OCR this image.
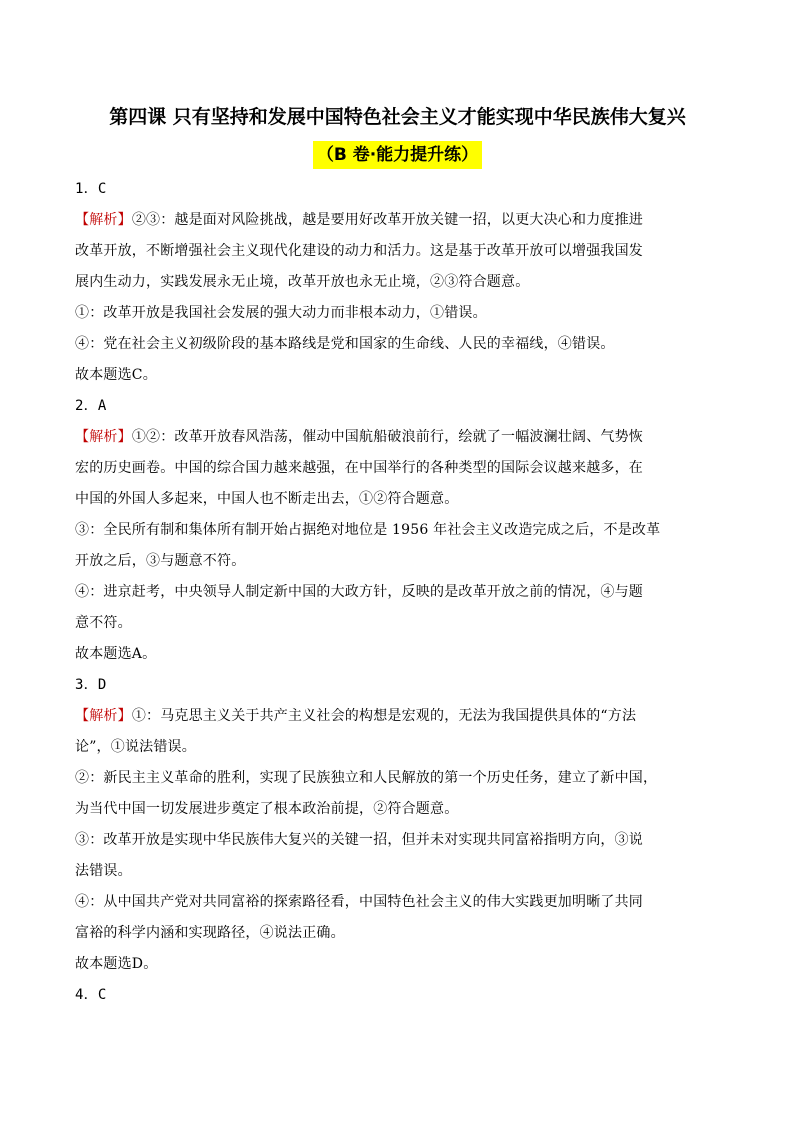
第四课 只有坚持和发展中国特色社会主义才能实现中华民族伟大复兴
（B 卷·能力提升练）

1．C

【解析】②③：越是面对风险挑战，越是要用好改革开放关键一招，以更大决心和力度推进

改革开放，不断增强社会主义现代化建设的动力和活力。这是基于改革开放可以增强我国发

展内生动力，实践发展永无止境，改革开放也永无止境，②③符合题意。

①：改革开放是我国社会发展的强大动力而非根本动力，①错误。

④：党在社会主义初级阶段的基本路线是党和国家的生命线、人民的幸福线，④错误。

故本题选C。

2．A

【解析】①②：改革开放春风浩荡，催动中国航船破浪前行，绘就了一幅波澜壮阔、气势恢

宏的历史画卷。中国的综合国力越来越强，在中国举行的各种类型的国际会议越来越多，在

中国的外国人多起来，中国人也不断走出去，①②符合题意。

③：全民所有制和集体所有制开始占据绝对地位是 1956 年社会主义改造完成之后，不是改革

开放之后，③与题意不符。

④：进京赶考，中央领导人制定新中国的大政方针，反映的是改革开放之前的情况，④与题

意不符。

故本题选A。

3．D

【解析】①：马克思主义关于共产主义社会的构想是宏观的，无法为我国提供具体的“方法

论”，①说法错误。

②：新民主主义革命的胜利，实现了民族独立和人民解放的第一个历史任务，建立了新中国，

为当代中国一切发展进步奠定了根本政治前提，②符合题意。

③：改革开放是实现中华民族伟大复兴的关键一招，但并未对实现共同富裕指明方向，③说

法错误。

④：从中国共产党对共同富裕的探索路径看，中国特色社会主义的伟大实践更加明晰了共同

富裕的科学内涵和实现路径，④说法正确。

故本题选D。

4．C
